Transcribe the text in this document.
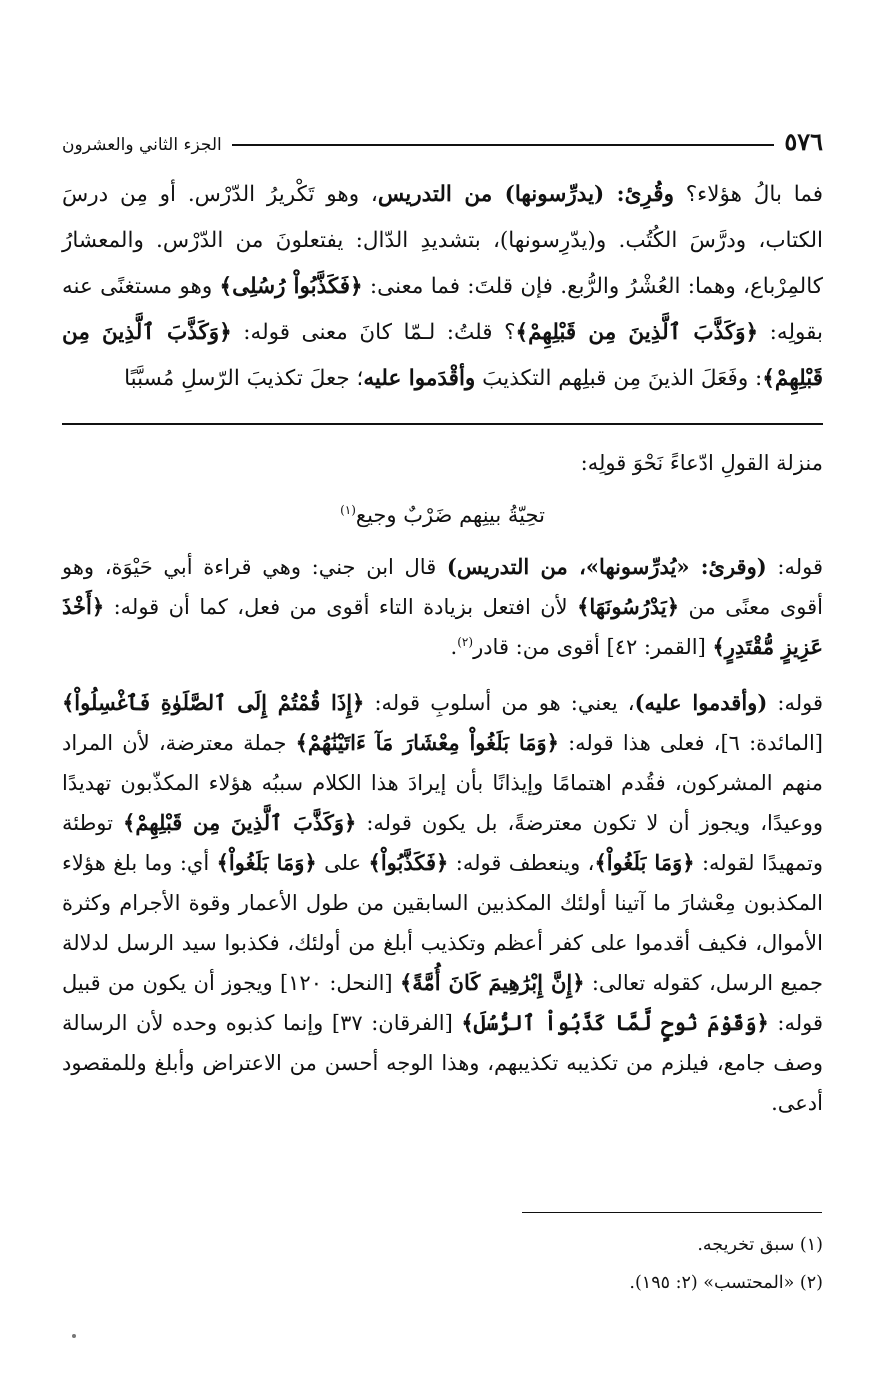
٥٧٦
الجزء الثاني والعشرون

فما بالُ هؤلاء؟ وقُرِئ: (يدرِّسونها) من التدريس، وهو تَكْريرُ الدّرْس. أو مِن درسَ الكتاب، ودرَّسَ الكُتُب. و(يدّرِسونها)، بتشديدِ الدّال: يفتعلونَ من الدّرْس. والمعشارُ كالمِرْباع، وهما: العُشْرُ والرُّبع. فإن قلتَ: فما معنى: ﴿فَكَذَّبُواْ رُسُلِى﴾ وهو مستغنًى عنه بقولِه: ﴿وَكَذَّبَ ٱلَّذِينَ مِن قَبْلِهِمْ﴾؟ قلتُ: لـمّا كانَ معنى قوله: ﴿وَكَذَّبَ ٱلَّذِينَ مِن قَبْلِهِمْ﴾: وفَعَلَ الذينَ مِن قبلِهم التكذيبَ وأقْدَموا عليه؛ جعلَ تكذيبَ الرّسلِ مُسبَّبًا

منزلة القولِ ادّعاءً نَحْوَ قولِه:

تحِيّةُ بينِهم ضَرْبٌ وجيع$^{(١)}$

قوله: (وقرئ: «يُدرِّسونها»، من التدريس) قال ابن جني: وهي قراءة أبي حَيْوَة، وهو أقوى معنًى من ﴿يَدْرُسُونَهَا﴾ لأن افتعل بزيادة التاء أقوى من فعل، كما أن قوله: ﴿أَخْذَ عَزِيزٍ مُّقْتَدِرٍ﴾ [القمر: ٤٢] أقوى من: قادر$^{(٢)}$.

قوله: (وأقدموا عليه)، يعني: هو من أسلوبِ قوله: ﴿إِذَا قُمْتُمْ إِلَى ٱلصَّلَوٰةِ فَٱغْسِلُواْ﴾ [المائدة: ٦]، فعلى هذا قوله: ﴿وَمَا بَلَغُواْ مِعْشَارَ مَآ ءَاتَيْنَٰهُمْ﴾ جملة معترضة، لأن المراد منهم المشركون، فقُدم اهتمامًا وإيذانًا بأن إيرادَ هذا الكلام سببُه هؤلاء المكذّبون تهديدًا ووعيدًا، ويجوز أن لا تكون معترضةً، بل يكون قوله: ﴿وَكَذَّبَ ٱلَّذِينَ مِن قَبْلِهِمْ﴾ توطئة وتمهيدًا لقوله: ﴿وَمَا بَلَغُواْ﴾، وينعطف قوله: ﴿فَكَذَّبُواْ﴾ على ﴿وَمَا بَلَغُواْ﴾ أي: وما بلغ هؤلاء المكذبون مِعْشارَ ما آتينا أولئك المكذبين السابقين من طول الأعمار وقوة الأجرام وكثرة الأموال، فكيف أقدموا على كفر أعظم وتكذيب أبلغ من أولئك، فكذبوا سيد الرسل لدلالة جميع الرسل، كقوله تعالى: ﴿إِنَّ إِبْرَٰهِيمَ كَانَ أُمَّةً﴾ [النحل: ١٢٠] ويجوز أن يكون من قبيل قوله: ﴿وَقَوْمَ نُوحٍ لَّمَّا كَذَّبُواْ ٱلرُّسُلَ﴾ [الفرقان: ٣٧] وإنما كذبوه وحده لأن الرسالة وصف جامع، فيلزم من تكذيبه تكذيبهم، وهذا الوجه أحسن من الاعتراض وأبلغ وللمقصود أدعى.

(١) سبق تخريجه.

(٢) «المحتسب» (٢: ١٩٥).
